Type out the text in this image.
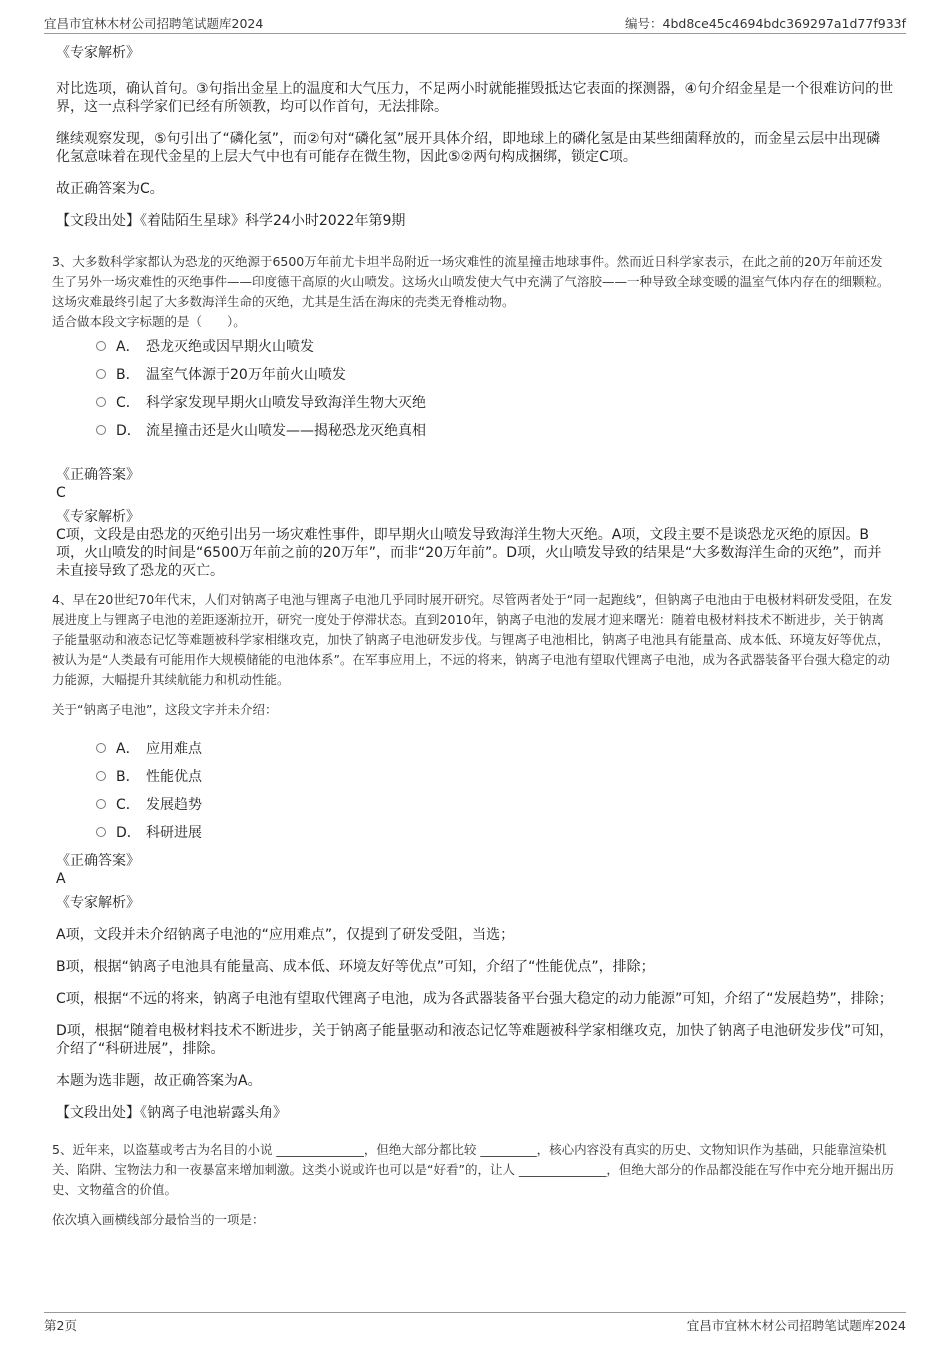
宜昌市宜林木材公司招聘笔试题库2024	编号：4bd8ce45c4694bdc369297a1d77f933f

《专家解析》

对比选项，确认首句。③句指出金星上的温度和大气压力，不足两小时就能摧毁抵达它表面的探测器，④句介绍金星是一个很难访问的世界，这一点科学家们已经有所领教，均可以作首句，无法排除。

继续观察发现，⑤句引出了“磷化氢”，而②句对“磷化氢”展开具体介绍，即地球上的磷化氢是由某些细菌释放的，而金星云层中出现磷化氢意味着在现代金星的上层大气中也有可能存在微生物，因此⑤②两句构成捆绑，锁定C项。

故正确答案为C。

【文段出处】《着陆陌生星球》科学24小时2022年第9期

3、大多数科学家都认为恐龙的灭绝源于6500万年前尤卡坦半岛附近一场灾难性的流星撞击地球事件。然而近日科学家表示，在此之前的20万年前还发生了另外一场灾难性的灭绝事件——印度德干高原的火山喷发。这场火山喷发使大气中充满了气溶胶——一种导致全球变暖的温室气体内存在的细颗粒。这场灾难最终引起了大多数海洋生命的灭绝，尤其是生活在海床的壳类无脊椎动物。

适合做本段文字标题的是（　　）。

A． 恐龙灭绝或因早期火山喷发
B． 温室气体源于20万年前火山喷发
C． 科学家发现早期火山喷发导致海洋生物大灭绝
D． 流星撞击还是火山喷发——揭秘恐龙灭绝真相

《正确答案》

C

《专家解析》

C项，文段是由恐龙的灭绝引出另一场灾难性事件，即早期火山喷发导致海洋生物大灭绝。A项，文段主要不是谈恐龙灭绝的原因。B项，火山喷发的时间是“6500万年前之前的20万年”，而非“20万年前”。D项，火山喷发导致的结果是“大多数海洋生命的灭绝”，而并未直接导致了恐龙的灭亡。

4、早在20世纪70年代末，人们对钠离子电池与锂离子电池几乎同时展开研究。尽管两者处于“同一起跑线”，但钠离子电池由于电极材料研发受阻，在发展进度上与锂离子电池的差距逐渐拉开，研究一度处于停滞状态。直到2010年，钠离子电池的发展才迎来曙光：随着电极材料技术不断进步，关于钠离子能量驱动和液态记忆等难题被科学家相继攻克，加快了钠离子电池研发步伐。与锂离子电池相比，钠离子电池具有能量高、成本低、环境友好等优点，被认为是“人类最有可能用作大规模储能的电池体系”。在军事应用上，不远的将来，钠离子电池有望取代锂离子电池，成为各武器装备平台强大稳定的动力能源，大幅提升其续航能力和机动性能。

关于“钠离子电池”，这段文字并未介绍：

A． 应用难点
B． 性能优点
C． 发展趋势
D． 科研进展

《正确答案》

A

《专家解析》

A项，文段并未介绍钠离子电池的“应用难点”，仅提到了研发受阻，当选；

B项，根据“钠离子电池具有能量高、成本低、环境友好等优点”可知，介绍了“性能优点”，排除；

C项，根据“不远的将来，钠离子电池有望取代锂离子电池，成为各武器装备平台强大稳定的动力能源”可知，介绍了“发展趋势”，排除；

D项，根据“随着电极材料技术不断进步，关于钠离子能量驱动和液态记忆等难题被科学家相继攻克，加快了钠离子电池研发步伐”可知，介绍了“科研进展”，排除。

本题为选非题，故正确答案为A。

【文段出处】《钠离子电池崭露头角》

5、近年来，以盗墓或考古为名目的小说 ______________，但绝大部分都比较 _________，核心内容没有真实的历史、文物知识作为基础，只能靠渲染机关、陷阱、宝物法力和一夜暴富来增加刺激。这类小说或许也可以是“好看”的，让人 ______________，但绝大部分的作品都没能在写作中充分地开掘出历史、文物蕴含的价值。

依次填入画横线部分最恰当的一项是：

第2页	宜昌市宜林木材公司招聘笔试题库2024
